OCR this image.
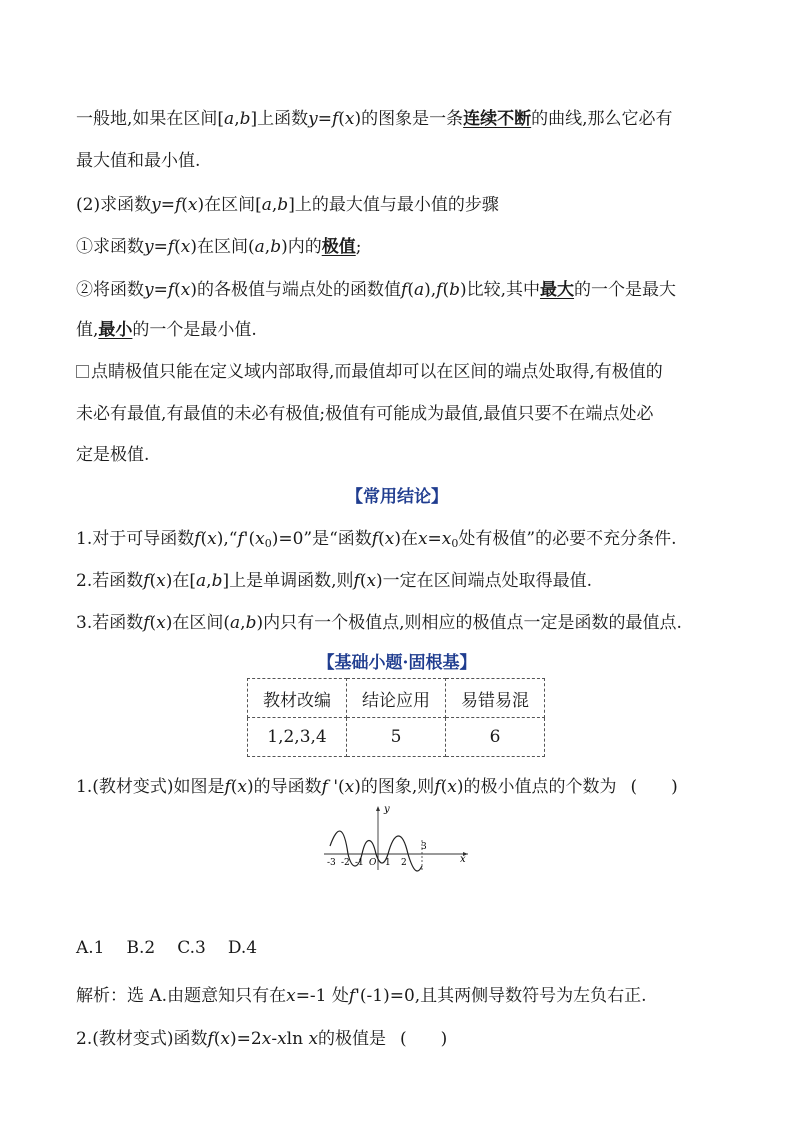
一般地,如果在区间[a,b]上函数y=f(x)的图象是一条连续不断的曲线,那么它必有
最大值和最小值.
(2)求函数y=f(x)在区间[a,b]上的最大值与最小值的步骤
①求函数y=f(x)在区间(a,b)内的极值;
②将函数y=f(x)的各极值与端点处的函数值f(a),f(b)比较,其中最大的一个是最大
值,最小的一个是最小值.
点睛极值只能在定义域内部取得,而最值却可以在区间的端点处取得,有极值的
未必有最值,有最值的未必有极值;极值有可能成为最值,最值只要不在端点处必
定是极值.
【常用结论】
1.对于可导函数$f(x),“f'(x_0)=0$”是“函数f(x)在$x=x_0$处有极值”的必要不充分条件.
2.若函数f(x)在[a,b]上是单调函数,则f(x)一定在区间端点处取得最值.
3.若函数f(x)在区间(a,b)内只有一个极值点,则相应的极值点一定是函数的最值点.
【基础小题·固根基】
教材改编	结论应用	易错易混
1,2,3,4	5	6
1.(教材变式)如图是f(x)的导函数f '(x)的图象,则f(x)的极小值点的个数为 (　　)
y
x
O
-3 -2 -1 1 2
3
A.1 B.2 C.3 D.4
解析：选 A.由题意知只有在x=-1 处f'(-1)=0,且其两侧导数符号为左负右正.
2.(教材变式)函数f(x)=2x-xln x的极值是 (　　)
